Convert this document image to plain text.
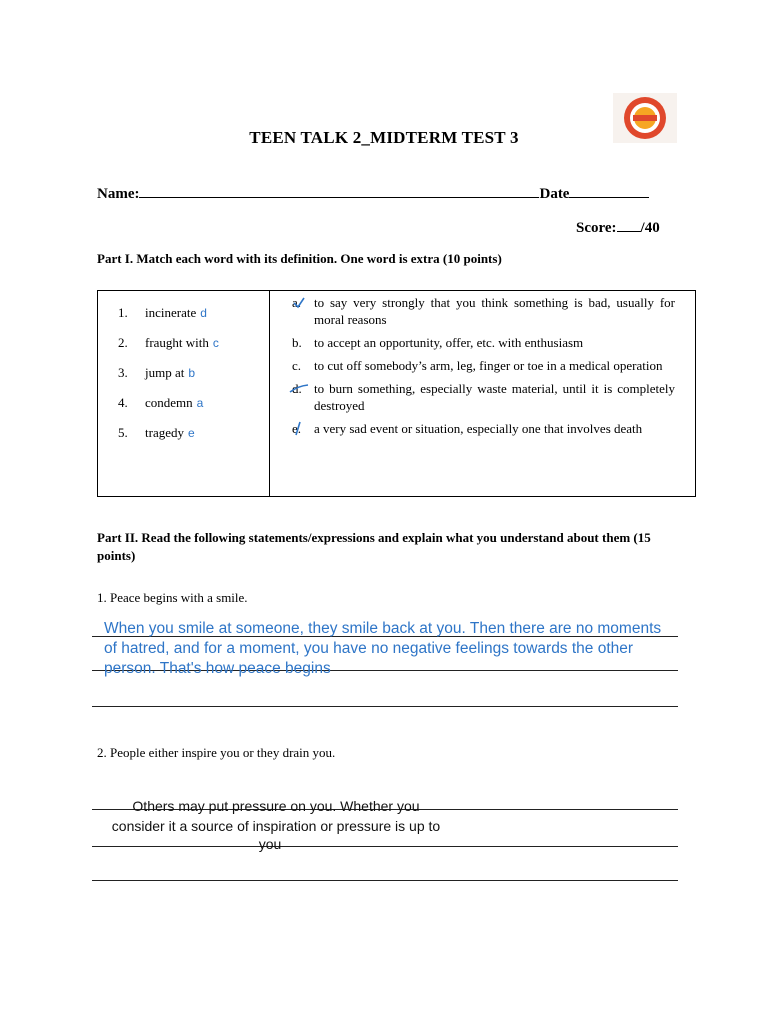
TEEN TALK 2_MIDTERM TEST 3
Name:	Date
Score: /40
Part I. Match each word with its definition. One word is extra (10 points)
1. incinerate d
2. fraught with c
3. jump at b
4. condemn a
5. tragedy e

a. to say very strongly that you think something is bad, usually for moral reasons
b. to accept an opportunity, offer, etc. with enthusiasm
c. to cut off somebody’s arm, leg, finger or toe in a medical operation
d. to burn something, especially waste material, until it is completely destroyed
e. a very sad event or situation, especially one that involves death
Part II. Read the following statements/expressions and explain what you understand about them (15 points)
1. Peace begins with a smile.
When you smile at someone, they smile back at you. Then there are no moments of hatred, and for a moment, you have no negative feelings towards the other person. That's how peace begins
2. People either inspire you or they drain you.
Others may put pressure on you. Whether you
consider it a source of inspiration or pressure is up to
you
